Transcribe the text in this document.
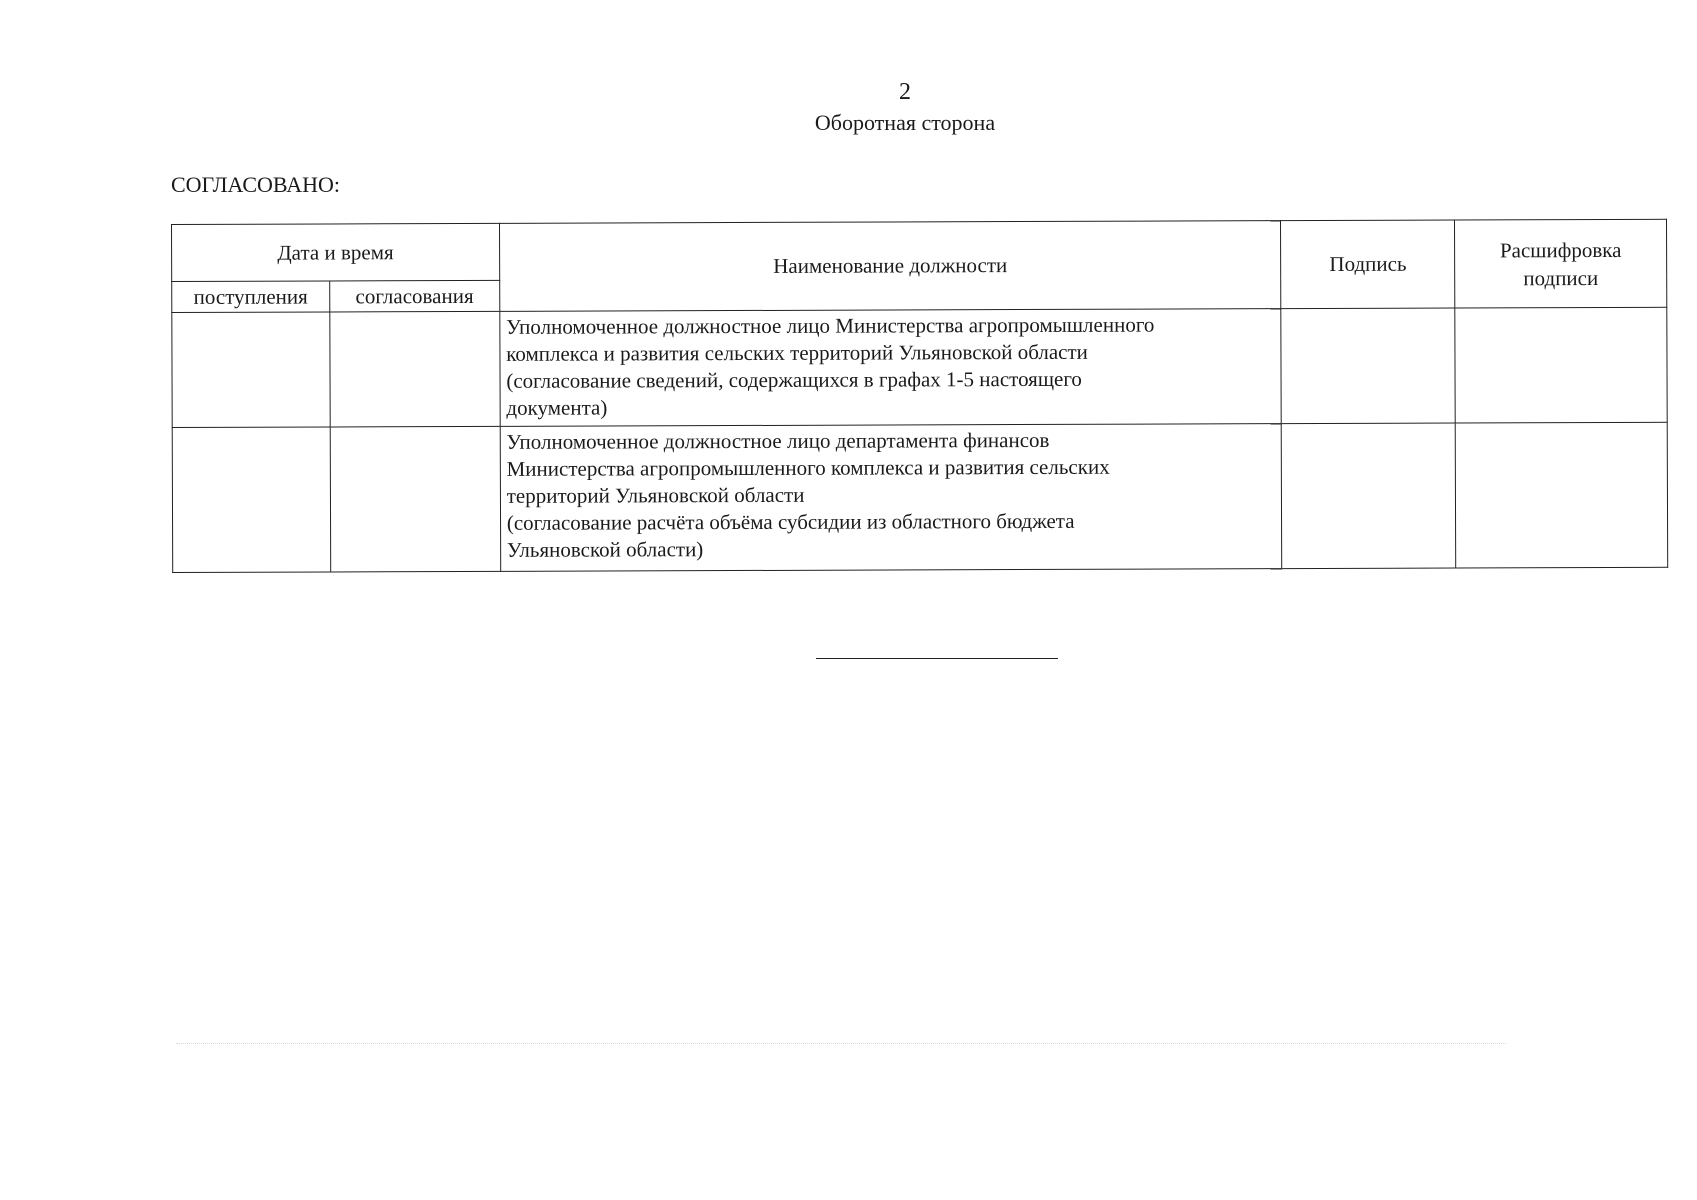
2
Оборотная сторона
СОГЛАСОВАНО:
Дата и время		Наименование должности	Подпись	Расшифровка
подписи
поступления	согласования			

		Уполномоченное должностное лицо Министерства агропромышленного
комплекса и развития сельских территорий Ульяновской области
(согласование сведений, содержащихся в графах 1-5 настоящего
документа)		

		Уполномоченное должностное лицо департамента финансов
Министерства агропромышленного комплекса и развития сельских
территорий Ульяновской области
(согласование расчёта объёма субсидии из областного бюджета
Ульяновской области)		
